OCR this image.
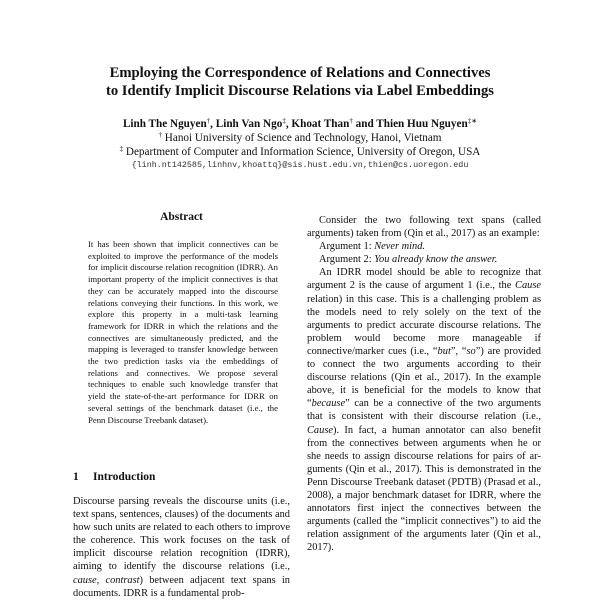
Employing the Correspondence of Relations and Connectives
to Identify Implicit Discourse Relations via Label Embeddings
Linh The Nguyen†, Linh Van Ngo‡, Khoat Than† and Thien Huu Nguyen‡∗
† Hanoi University of Science and Technology, Hanoi, Vietnam
‡ Department of Computer and Information Science, University of Oregon, USA
{linh.nt142585,linhnv,khoattq}@sis.hust.edu.vn,thien@cs.uoregon.edu
Abstract
It has been shown that implicit connectives can be exploited to improve the performance of the models for implicit discourse relation recognition (IDRR). An important property of the implicit connectives is that they can be accurately mapped into the discourse relations conveying their functions. In this work, we explore this property in a multi-task learning framework for IDRR in which the relations and the connectives are simultaneously predicted, and the mapping is leveraged to transfer knowledge between the two prediction tasks via the embeddings of relations and connectives. We propose several techniques to enable such knowledge transfer that yield the state-of-the-art performance for IDRR on several settings of the benchmark dataset (i.e., the Penn Discourse Treebank dataset).
1 Introduction
Discourse parsing reveals the discourse units (i.e., text spans, sentences, clauses) of the documents and how such units are related to each others to improve the coherence. This work focuses on the task of implicit discourse relation recognition (IDRR), aiming to identify the discourse relations (i.e., cause, contrast) between adjacent text spans in documents. IDRR is a fundamental prob-

Consider the two following text spans (called arguments) taken from (Qin et al., 2017) as an example:

Argument 1: Never mind.

Argument 2: You already know the answer.

An IDRR model should be able to recognize that argument 2 is the cause of argument 1 (i.e., the Cause relation) in this case. This is a challenging problem as the models need to rely solely on the text of the arguments to predict accurate discourse relations. The problem would become more manageable if connective/marker cues (i.e., “but”, “so”) are provided to connect the two arguments according to their discourse relations (Qin et al., 2017). In the example above, it is beneficial for the models to know that “because” can be a connective of the two arguments that is consistent with their discourse relation (i.e., Cause). In fact, a human annotator can also benefit from the connectives between arguments when he or she needs to assign discourse relations for pairs of arguments (Qin et al., 2017). This is demonstrated in the Penn Discourse Treebank dataset (PDTB) (Prasad et al., 2008), a major benchmark dataset for IDRR, where the annotators first inject the connectives between the arguments (called the “implicit connectives”) to aid the relation assignment of the arguments later (Qin et al., 2017).
